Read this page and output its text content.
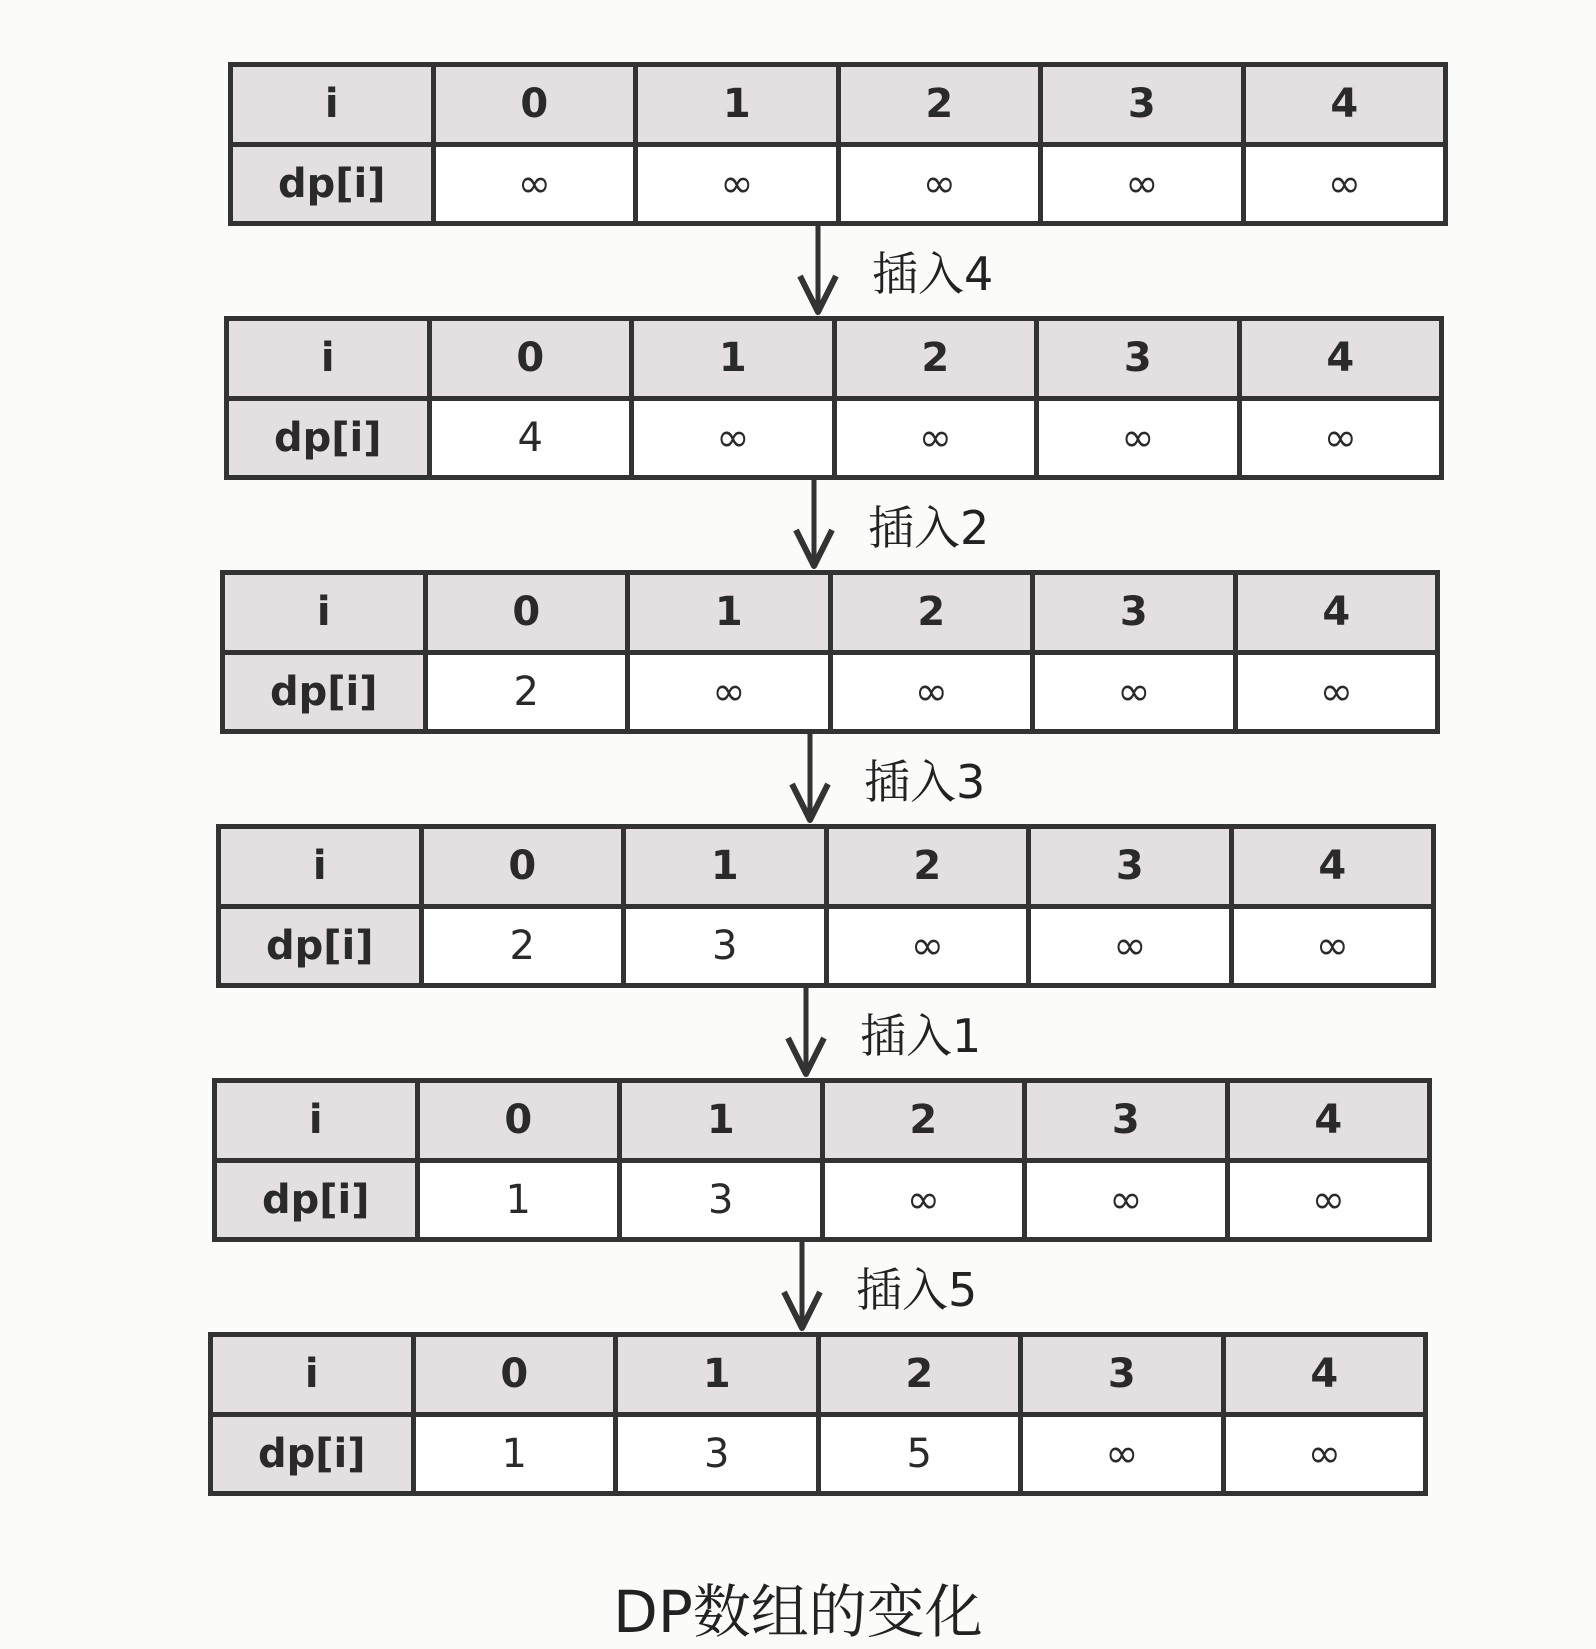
i	0	1	2	3	4
dp[i]	∞	∞	∞	∞	∞
i	0	1	2	3	4
dp[i]	4	∞	∞	∞	∞
i	0	1	2	3	4
dp[i]	2	∞	∞	∞	∞
i	0	1	2	3	4
dp[i]	2	3	∞	∞	∞
i	0	1	2	3	4
dp[i]	1	3	∞	∞	∞
i	0	1	2	3	4
dp[i]	1	3	5	∞	∞
插入4
插入2
插入3
插入1
插入5
DP数组的变化
